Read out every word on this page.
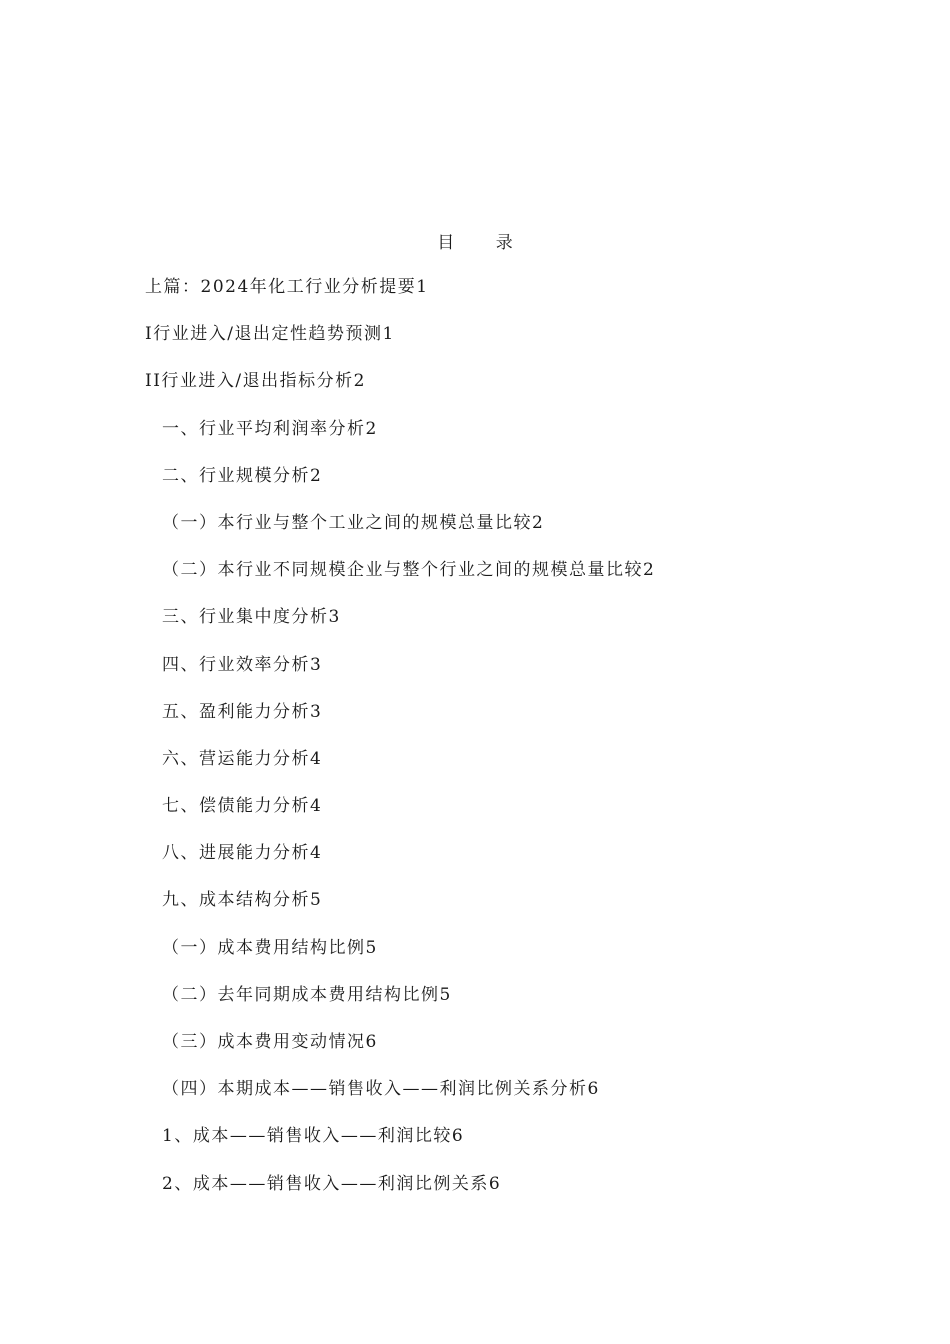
目 录
上篇：2024年化工行业分析提要1
I行业进入/退出定性趋势预测1
II行业进入/退出指标分析2
一、行业平均利润率分析2
二、行业规模分析2
（一）本行业与整个工业之间的规模总量比较2
（二）本行业不同规模企业与整个行业之间的规模总量比较2
三、行业集中度分析3
四、行业效率分析3
五、盈利能力分析3
六、营运能力分析4
七、偿债能力分析4
八、进展能力分析4
九、成本结构分析5
（一）成本费用结构比例5
（二）去年同期成本费用结构比例5
（三）成本费用变动情况6
（四）本期成本——销售收入——利润比例关系分析6
1、成本——销售收入——利润比较6
2、成本——销售收入——利润比例关系6
